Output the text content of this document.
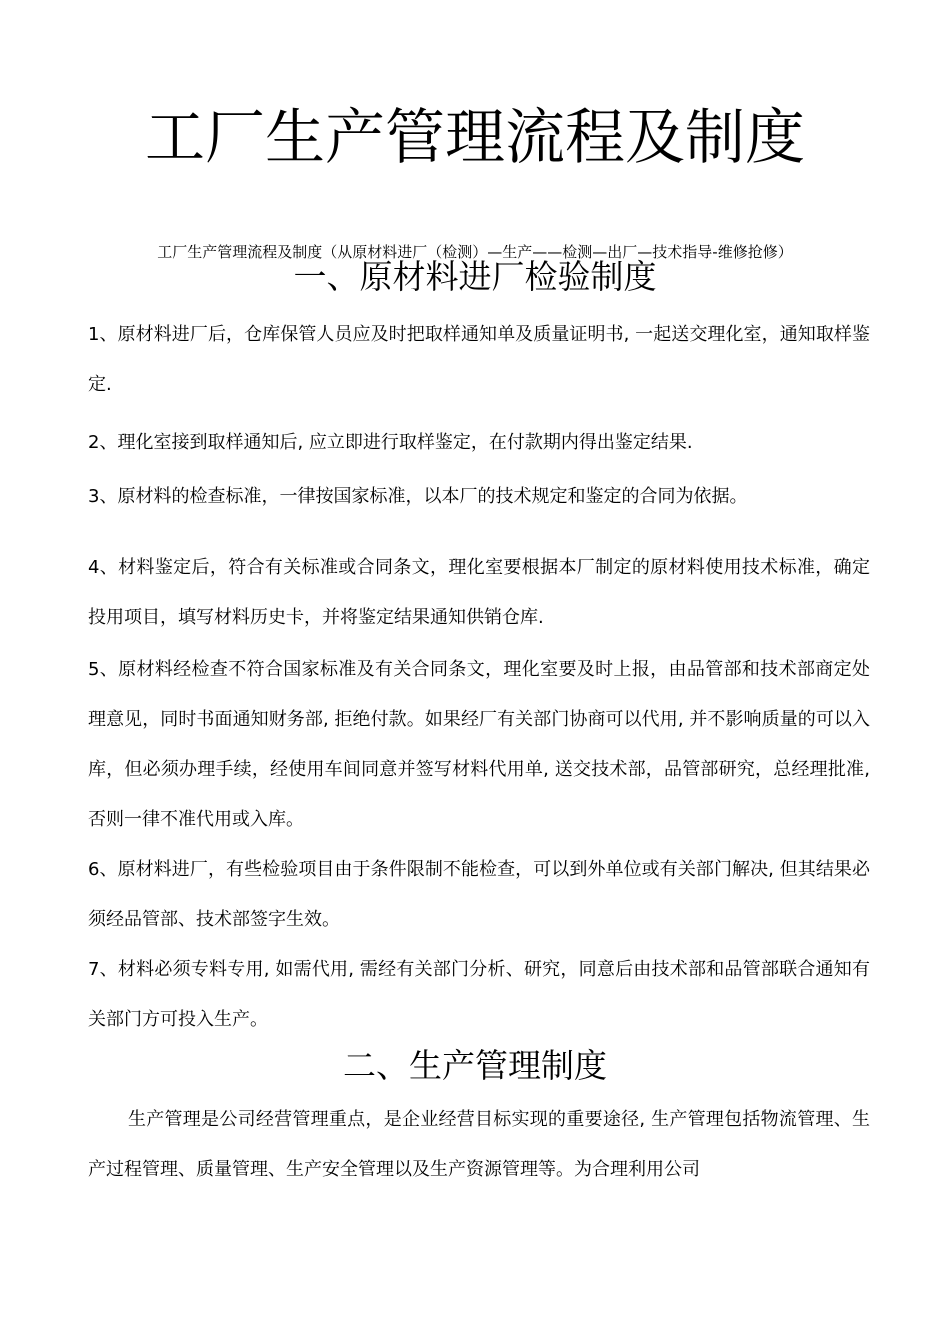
工厂生产管理流程及制度

工厂生产管理流程及制度（从原材料进厂（检测）—生产——检测—出厂—技术指导-维修抢修）

一、原材料进厂检验制度

1、原材料进厂后，仓库保管人员应及时把取样通知单及质量证明书, 一起送交理化室，通知取样鉴定.

2、理化室接到取样通知后, 应立即进行取样鉴定，在付款期内得出鉴定结果.

3、原材料的检查标准，一律按国家标准，以本厂的技术规定和鉴定的合同为依据。

4、材料鉴定后，符合有关标准或合同条文，理化室要根据本厂制定的原材料使用技术标准，确定投用项目，填写材料历史卡，并将鉴定结果通知供销仓库.

5、原材料经检查不符合国家标准及有关合同条文，理化室要及时上报，由品管部和技术部商定处理意见，同时书面通知财务部, 拒绝付款。如果经厂有关部门协商可以代用, 并不影响质量的可以入库，但必须办理手续，经使用车间同意并签写材料代用单, 送交技术部，品管部研究，总经理批准, 否则一律不准代用或入库。

6、原材料进厂，有些检验项目由于条件限制不能检查，可以到外单位或有关部门解决, 但其结果必须经品管部、技术部签字生效。

7、材料必须专料专用, 如需代用, 需经有关部门分析、研究，同意后由技术部和品管部联合通知有关部门方可投入生产。

二、生产管理制度

生产管理是公司经营管理重点，是企业经营目标实现的重要途径, 生产管理包括物流管理、生产过程管理、质量管理、生产安全管理以及生产资源管理等。为合理利用公司
